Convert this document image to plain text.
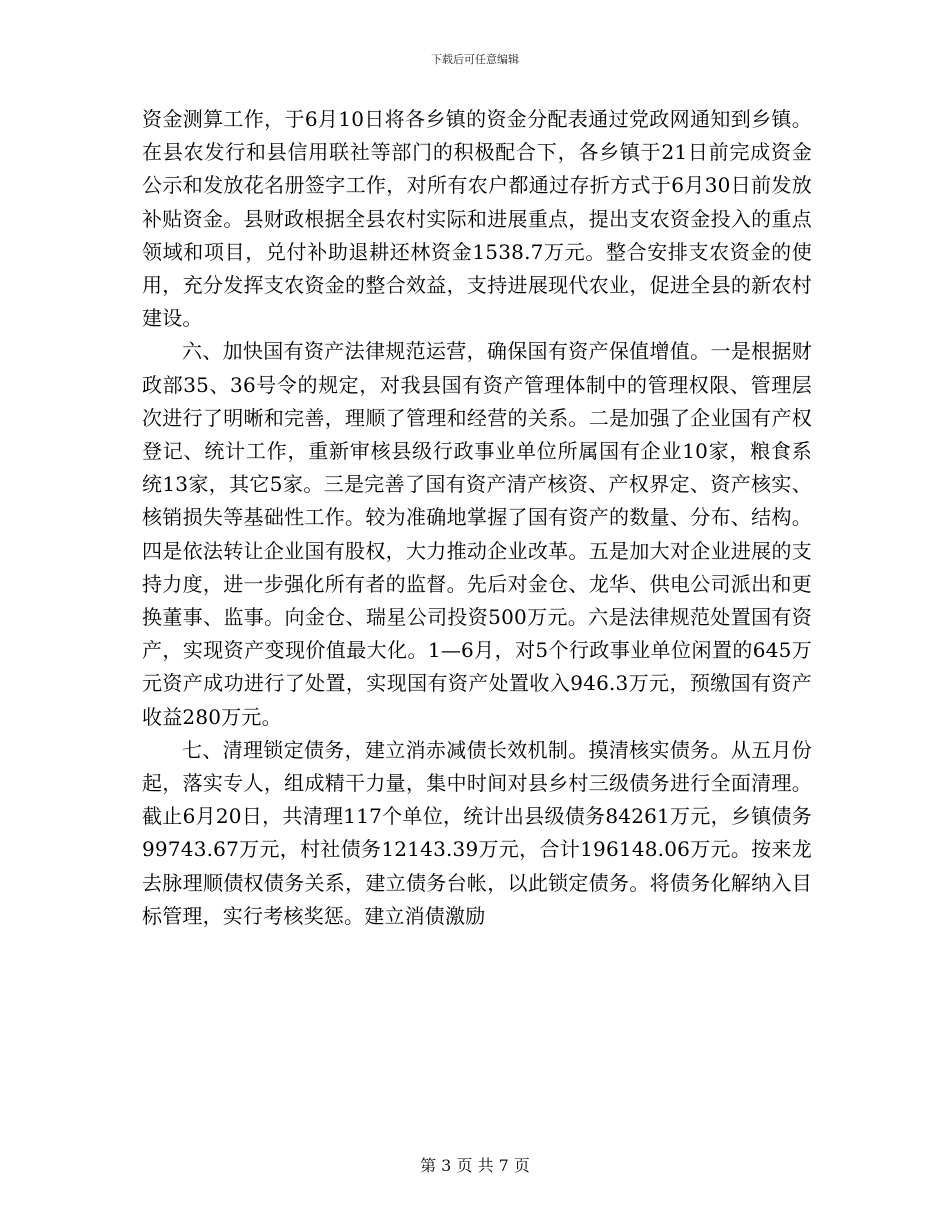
下载后可任意编辑

资金测算工作，于6月10日将各乡镇的资金分配表通过党政网通知到乡镇。在县农发行和县信用联社等部门的积极配合下，各乡镇于21日前完成资金公示和发放花名册签字工作，对所有农户都通过存折方式于6月30日前发放补贴资金。县财政根据全县农村实际和进展重点，提出支农资金投入的重点领域和项目，兑付补助退耕还林资金1538.7万元。整合安排支农资金的使用，充分发挥支农资金的整合效益，支持进展现代农业，促进全县的新农村建设。

六、加快国有资产法律规范运营，确保国有资产保值增值。一是根据财政部35、36号令的规定，对我县国有资产管理体制中的管理权限、管理层次进行了明晰和完善，理顺了管理和经营的关系。二是加强了企业国有产权登记、统计工作，重新审核县级行政事业单位所属国有企业10家，粮食系统13家，其它5家。三是完善了国有资产清产核资、产权界定、资产核实、核销损失等基础性工作。较为准确地掌握了国有资产的数量、分布、结构。四是依法转让企业国有股权，大力推动企业改革。五是加大对企业进展的支持力度，进一步强化所有者的监督。先后对金仓、龙华、供电公司派出和更换董事、监事。向金仓、瑞星公司投资500万元。六是法律规范处置国有资产，实现资产变现价值最大化。1—6月，对5个行政事业单位闲置的645万元资产成功进行了处置，实现国有资产处置收入946.3万元，预缴国有资产收益280万元。

七、清理锁定债务，建立消赤减债长效机制。摸清核实债务。从五月份起，落实专人，组成精干力量，集中时间对县乡村三级债务进行全面清理。截止6月20日，共清理117个单位，统计出县级债务84261万元，乡镇债务99743.67万元，村社债务12143.39万元，合计196148.06万元。按来龙去脉理顺债权债务关系，建立债务台帐，以此锁定债务。将债务化解纳入目标管理，实行考核奖惩。建立消债激励

第 3 页 共 7 页
